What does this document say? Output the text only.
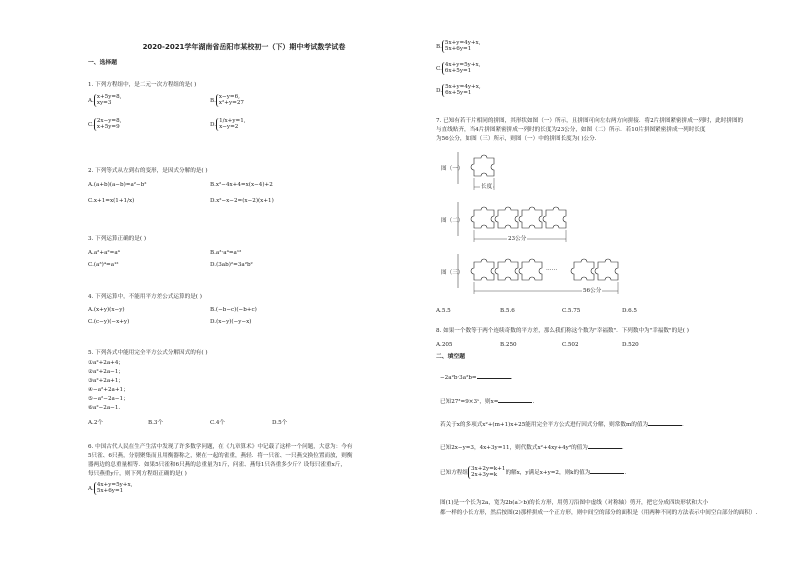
2020-2021学年湖南省岳阳市某校初一（下）期中考试数学试卷
一、选择题
1. 下列方程组中，是二元一次方程组的是( )
A.
x+5y=8,
xy=3	B.
x−y=6,
x²+y=27
C.
2x−y=8,
x+5y=9	D.
1/x+y=1,
x−y=2
2. 下列等式从左到右的变形，是因式分解的是( )
A.(a+b)(a−b)=a²−b²	B.x²−4x+4=x(x−4)+2
C.x+1=x(1+1/x)	D.x²−x−2=(x−2)(x+1)
3. 下列运算正确的是( )
A.a²+a²=a⁴	B.a³·a⁴=a¹²
C.(a³)⁴=a¹²	D.(3ab)²=3a²b²
4. 下列运算中，不能用平方差公式运算的是( )
A.(x+y)(x−y)	B.(−b−c)(−b+c)
C.(c−y)(−x+y)	D.(x−y)(−y−x)
5. 下列各式中能用完全平方公式分解因式的有( )
①a²+2a+4；
②a²+2a−1；
③a²+2a+1；
④−a²+2a+1；
⑤−a²−2a−1；
⑥a²−2a−1.
A.2个	B.3个	C.4个	D.5个
6. 中国古代人民在生产生活中发现了许多数学问题，在《九章算术》中记载了这样一个问题，大意为：今有
5只雀、6只燕，分别聚集而且用衡器称之，聚在一起的雀重，燕轻．将一只雀、一只燕交换位置而放，则衡
器两边的总重量相等．如果5只雀和6只燕的总重量为1斤，问雀、燕每1只各重多少斤？设每只雀重x斤，
每只燕重y斤，则下列方程组正确的是( )
A.
4x+y=5y+x,
5x+6y=1
B.
5x+y=4y+x,
5x+6y=1
C.
4x+y=5y+x,
6x+5y=1
D.
5x+y=4y+x,
6x+5y=1
7. 已知有若干片相同的拼图，其形状如图（一）所示，且拼图可向左右两方向拼接．将2片拼图紧密拼成一列时，此时拼图的
与直线贴齐，当4片拼图紧密拼成一列时的长度为23公分，如图（二）所示．若10片拼图紧密拼成一列时长度
为56公分，如图（三）所示，则图（一）中的拼图长度为( )公分.
图（一）
图（二）
图（三）
长度
23公分
56公分
……
A.5.5	B.5.6	C.5.75	D.6.5
8. 如果一个数等于两个连续奇数的平方差，那么我们称这个数为"幸福数"．下列数中为"幸福数"的是( )
A.205	B.250	C.502	D.520
二、填空题
−2a²b·3a²b=	.
已知27³=9×3ˣ，则x=	.
若关于x的多项式x²+(m+1)x+25能用完全平方公式进行因式分解，则常数m的值为	.
已知2x−y=3，4x+3y=11，则代数式x²+4xy+4y²的值为	.
已知方程组
3x+2y=k+1
2x+3y=k	的解x，y满足x+y=2，则k的值为	.
图(1)是一个长为2a，宽为2b(a＞b)的长方形，用剪刀沿图中虚线（对称轴）剪开，把它分成四块形状和大小
都一样的小长方形，然后按图(2)那样拼成一个正方形，则中间空的部分的面积是（用两种不同的方法表示中间空白部分的面积）.
